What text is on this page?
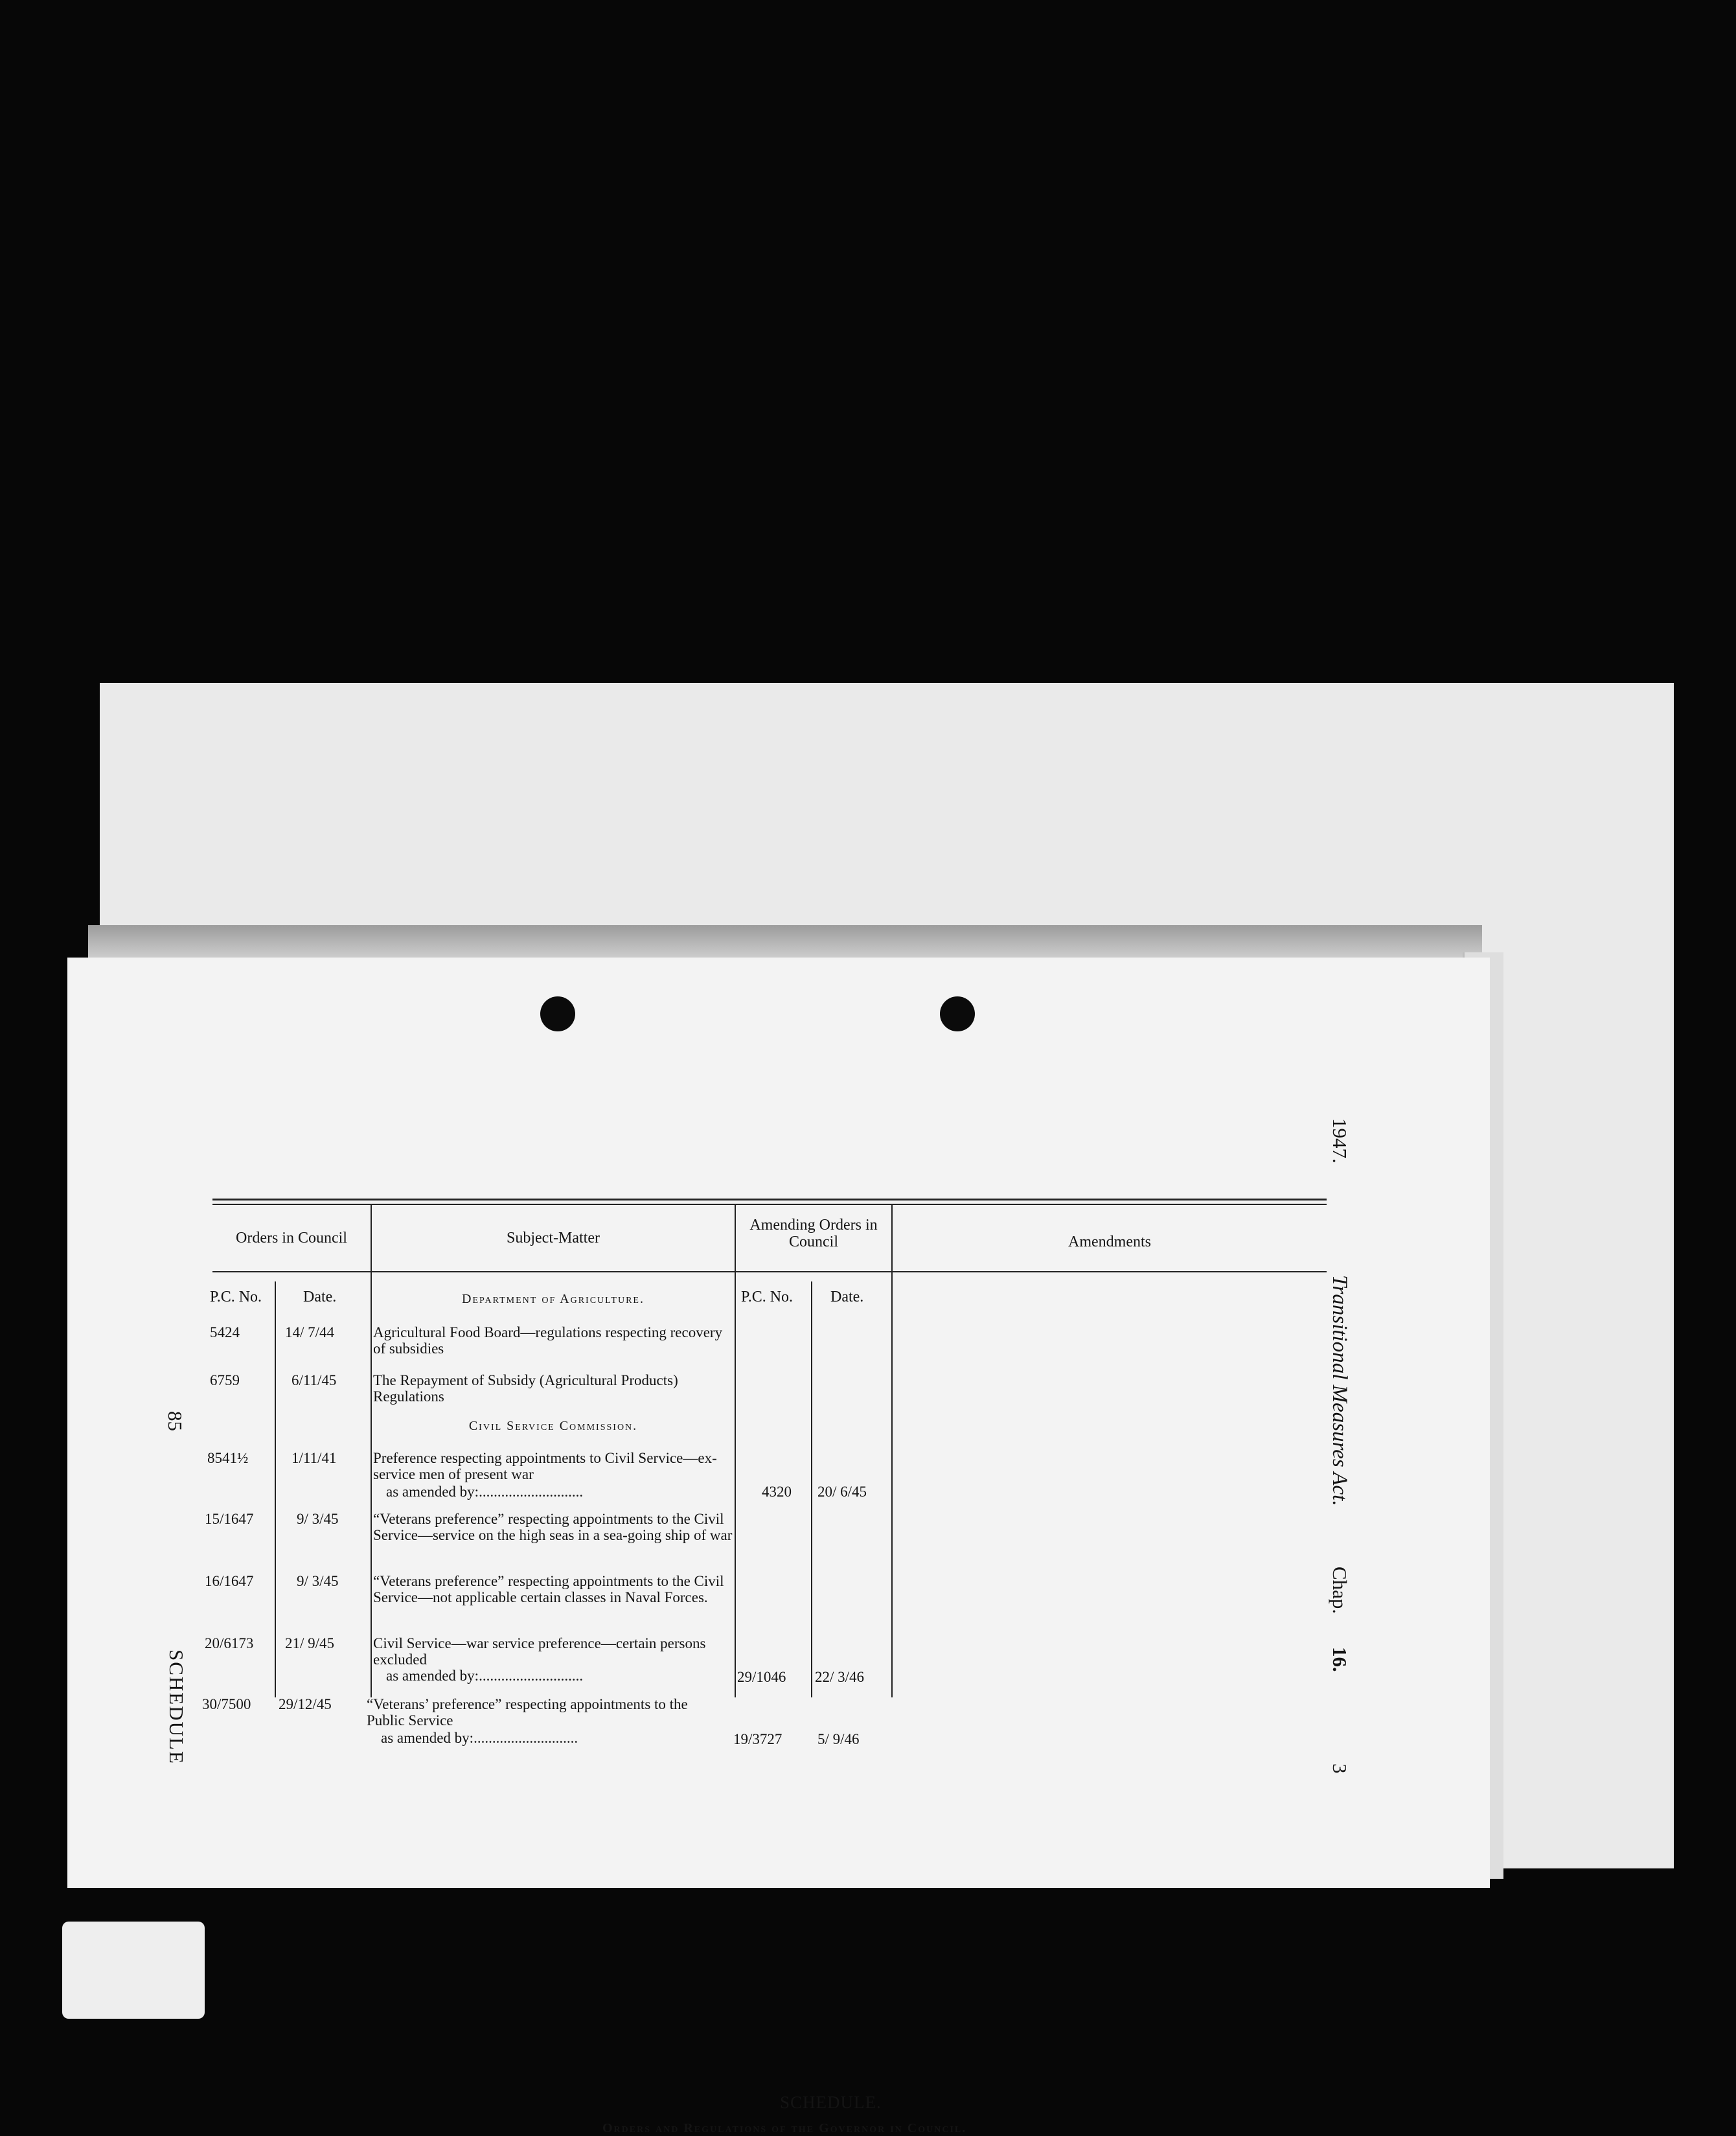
SCHEDULE.
Orders and Regulations of the Governor in Council.
1947.
Transitional Measures Act.
Chap.
16.
3
85
SCHEDULE
Orders in Council	Subject-Matter
Amending Orders in Council	Amendments
P.C. No.	Date.	P.C. No. Date.
Department of Agriculture.
5424	14/ 7/44	Agricultural Food Board—regulations respecting recovery of subsidies
6759	6/11/45 The Repayment of Subsidy (Agricultural Products) Regulations
Civil Service Commission.
8541½	1/11/41 Preference respecting appointments to Civil Service—ex-service men of present war
as amended by:............................	4320 20/ 6/45
15/1647	9/ 3/45 “Veterans preference” respecting appointments to the Civil Service—service on the high seas in a sea-going ship of war
16/1647	9/ 3/45 “Veterans preference” respecting appointments to the Civil Service—not applicable certain classes in Naval Forces.
20/6173 21/ 9/45	Civil Service—war service preference—certain persons excluded
as amended by:............................	29/1046 22/ 3/46
30/7500 29/12/45 “Veterans’ preference” respecting appointments to the Public Service
as amended by:............................	19/3727 5/ 9/46
